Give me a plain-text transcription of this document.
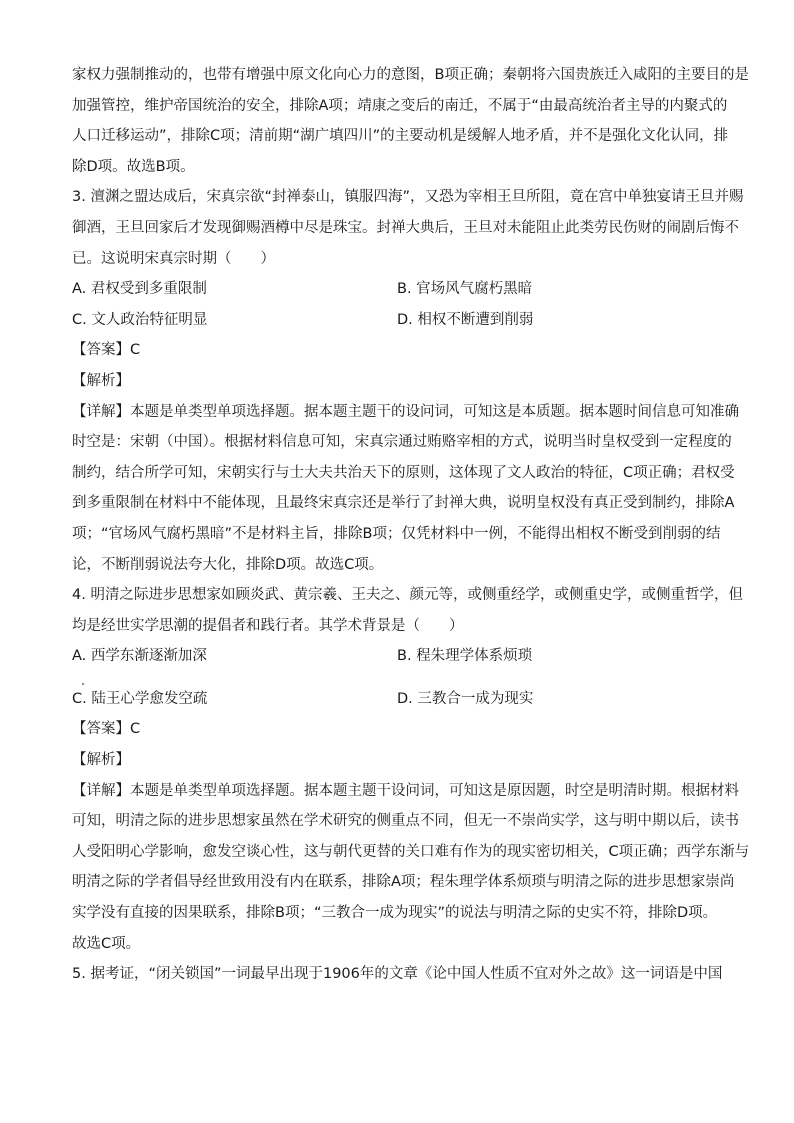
家权力强制推动的，也带有增强中原文化向心力的意图，B项正确；秦朝将六国贵族迁入咸阳的主要目的是
加强管控，维护帝国统治的安全，排除A项；靖康之变后的南迁，不属于“由最高统治者主导的内聚式的
人口迁移运动”，排除C项；清前期“湖广填四川”的主要动机是缓解人地矛盾，并不是强化文化认同，排
除D项。故选B项。
3. 澶渊之盟达成后，宋真宗欲“封禅泰山，镇服四海”，又恐为宰相王旦所阻，竟在宫中单独宴请王旦并赐
御酒，王旦回家后才发现御赐酒樽中尽是珠宝。封禅大典后，王旦对未能阻止此类劳民伤财的闹剧后悔不
已。这说明宋真宗时期（　　）
A. 君权受到多重限制	B. 官场风气腐朽黑暗
C. 文人政治特征明显	D. 相权不断遭到削弱
【答案】C
【解析】
【详解】本题是单类型单项选择题。据本题主题干的设问词，可知这是本质题。据本题时间信息可知准确
时空是：宋朝（中国）。根据材料信息可知，宋真宗通过贿赂宰相的方式，说明当时皇权受到一定程度的
制约，结合所学可知，宋朝实行与士大夫共治天下的原则，这体现了文人政治的特征，C项正确；君权受
到多重限制在材料中不能体现，且最终宋真宗还是举行了封禅大典，说明皇权没有真正受到制约，排除A
项；“官场风气腐朽黑暗”不是材料主旨，排除B项；仅凭材料中一例，不能得出相权不断受到削弱的结
论，不断削弱说法夸大化，排除D项。故选C项。
4. 明清之际进步思想家如顾炎武、黄宗羲、王夫之、颜元等，或侧重经学，或侧重史学，或侧重哲学，但
均是经世实学思潮的提倡者和践行者。其学术背景是（　　）
A. 西学东渐逐渐加深	B. 程朱理学体系烦琐
C. 陆王心学愈发空疏	D. 三教合一成为现实
【答案】C
【解析】
【详解】本题是单类型单项选择题。据本题主题干设问词，可知这是原因题，时空是明清时期。根据材料
可知，明清之际的进步思想家虽然在学术研究的侧重点不同，但无一不崇尚实学，这与明中期以后，读书
人受阳明心学影响，愈发空谈心性，这与朝代更替的关口难有作为的现实密切相关，C项正确；西学东渐与
明清之际的学者倡导经世致用没有内在联系，排除A项；程朱理学体系烦琐与明清之际的进步思想家崇尚
实学没有直接的因果联系，排除B项；“三教合一成为现实”的说法与明清之际的史实不符，排除D项。
故选C项。
5. 据考证，“闭关锁国”一词最早出现于1906年的文章《论中国人性质不宜对外之故》这一词语是中国
